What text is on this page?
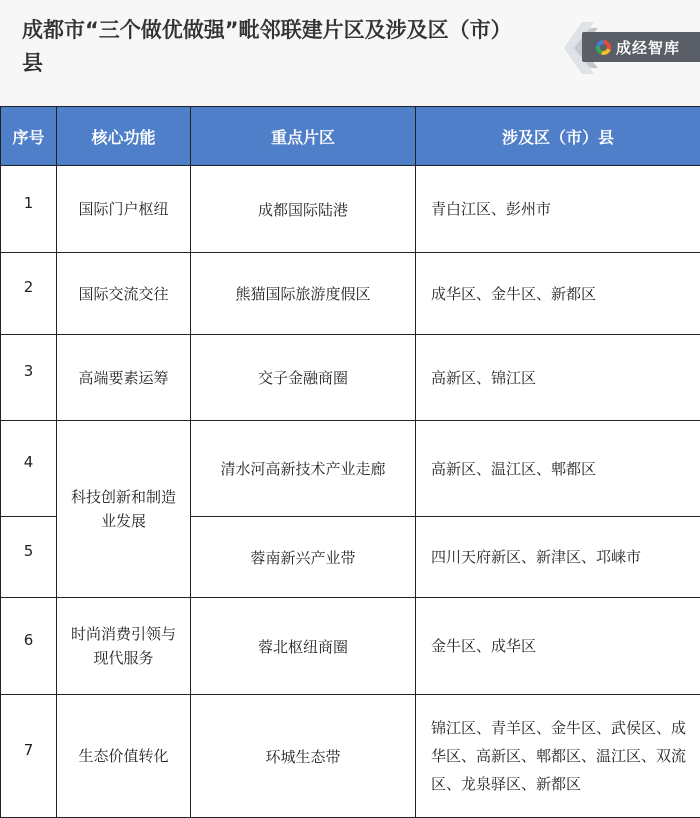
成都市“三个做优做强”毗邻联建片区及涉及区（市）县
成经智库
序号	核心功能	重点片区	涉及区（市）县
1	国际门户枢纽	成都国际陆港	青白江区、彭州市
2	国际交流交往	熊猫国际旅游度假区	成华区、金牛区、新都区
3	高端要素运筹	交子金融商圈	高新区、锦江区
4	科技创新和制造业发展	清水河高新技术产业走廊	高新区、温江区、郫都区
5		蓉南新兴产业带	四川天府新区、新津区、邛崃市
6	时尚消费引领与现代服务	蓉北枢纽商圈	金牛区、成华区
7	生态价值转化	环城生态带	锦江区、青羊区、金牛区、武侯区、成华区、高新区、郫都区、温江区、双流区、龙泉驿区、新都区
